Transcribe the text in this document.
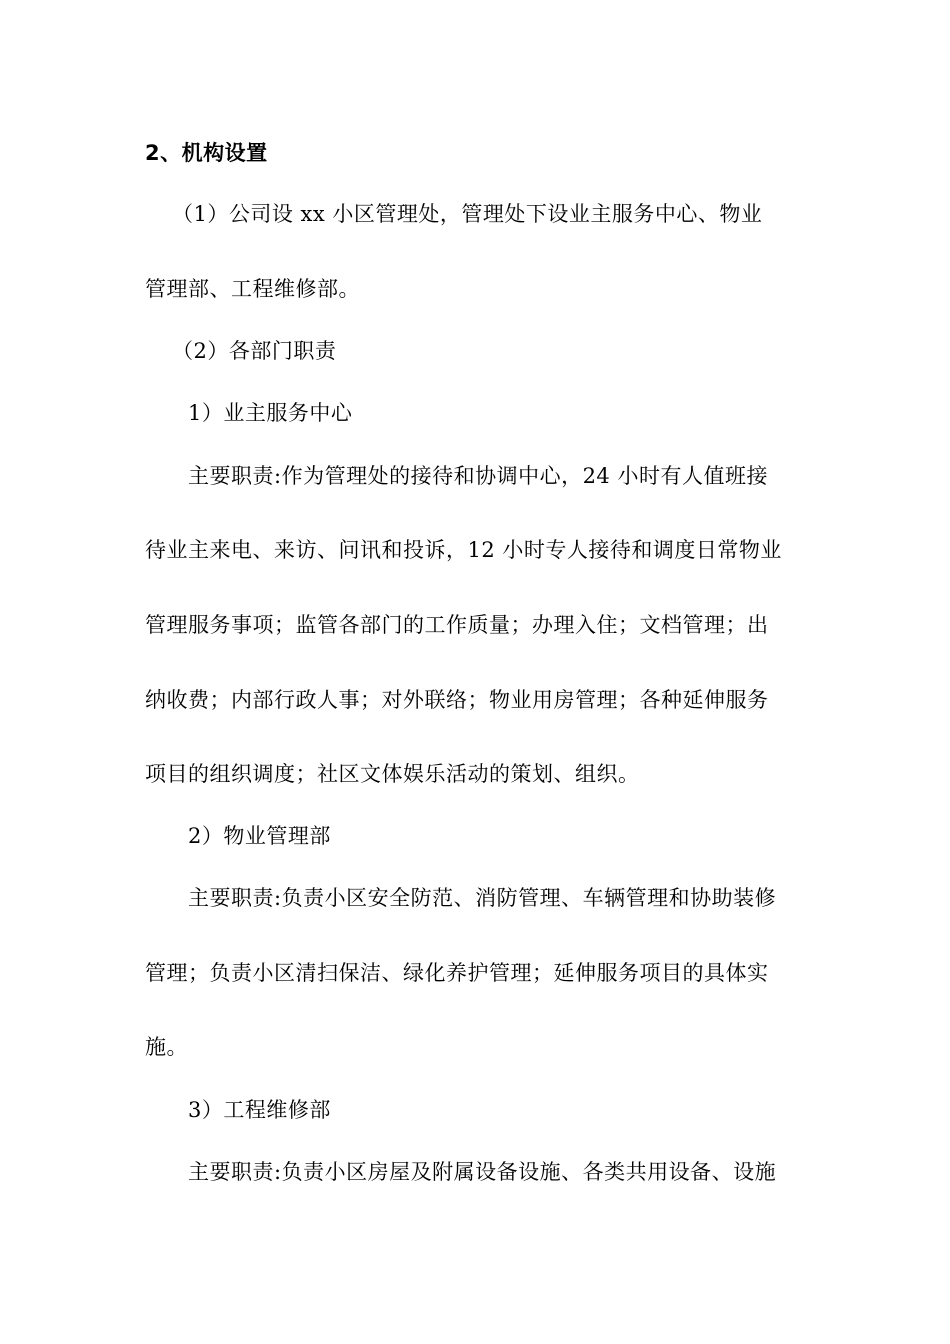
2、机构设置
（1）公司设 xx 小区管理处，管理处下设业主服务中心、物业
管理部、工程维修部。
（2）各部门职责
1）业主服务中心
主要职责:作为管理处的接待和协调中心，24 小时有人值班接
待业主来电、来访、问讯和投诉，12 小时专人接待和调度日常物业
管理服务事项；监管各部门的工作质量；办理入住；文档管理；出
纳收费；内部行政人事；对外联络；物业用房管理；各种延伸服务
项目的组织调度；社区文体娱乐活动的策划、组织。
2）物业管理部
主要职责:负责小区安全防范、消防管理、车辆管理和协助装修
管理；负责小区清扫保洁、绿化养护管理；延伸服务项目的具体实
施。
3）工程维修部
主要职责:负责小区房屋及附属设备设施、各类共用设备、设施
